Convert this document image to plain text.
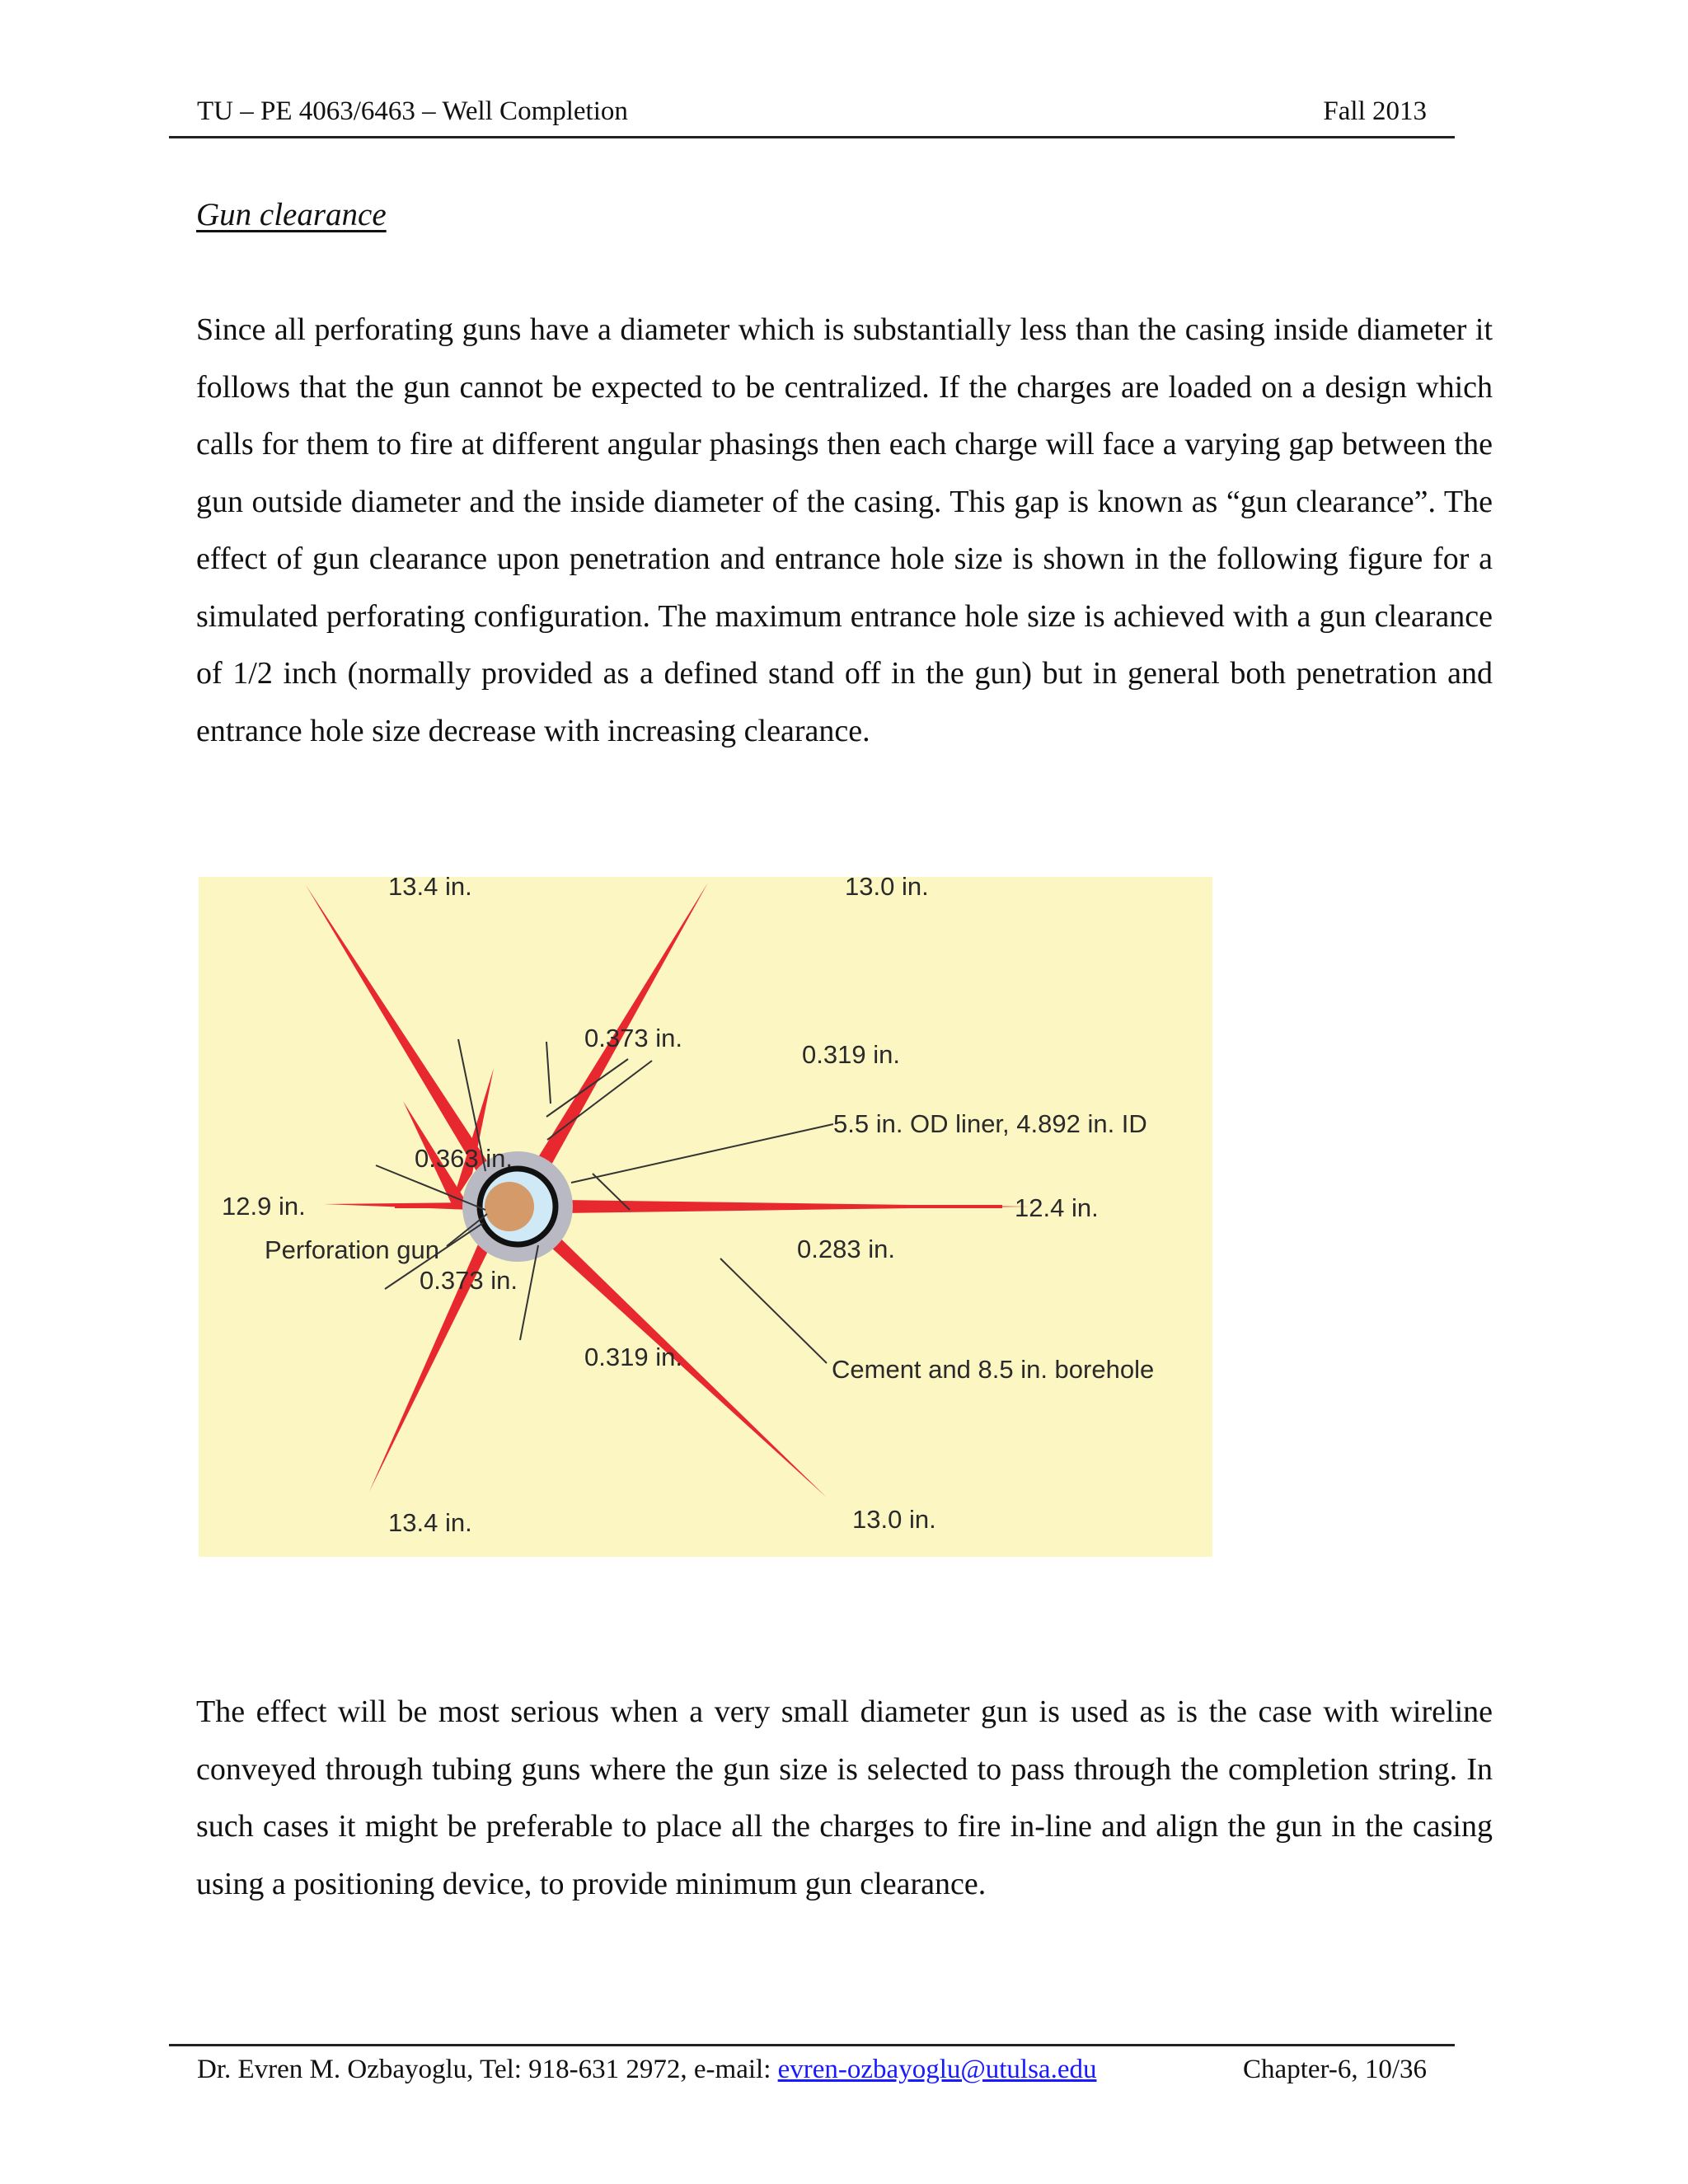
TU – PE 4063/6463 – Well Completion	Fall 2013
Gun clearance
Since all perforating guns have a diameter which is substantially less than the casing inside diameter it follows that the gun cannot be expected to be centralized. If the charges are loaded on a design which calls for them to fire at different angular phasings then each charge will face a varying gap between the gun outside diameter and the inside diameter of the casing. This gap is known as “gun clearance”. The effect of gun clearance upon penetration and entrance hole size is shown in the following figure for a simulated perforating configuration. The maximum entrance hole size is achieved with a gun clearance of 1/2 inch (normally provided as a defined stand off in the gun) but in general both penetration and entrance hole size decrease with increasing clearance.
13.4 in.	13.0 in.
12.9 in.	12.4 in.
13.4 in.	13.0 in.
0.373 in.
0.319 in.
0.363 in.
0.373 in.
0.283 in.
0.319 in.
5.5 in. OD liner, 4.892 in. ID
Perforation gun
Cement and 8.5 in. borehole
The effect will be most serious when a very small diameter gun is used as is the case with wireline conveyed through tubing guns where the gun size is selected to pass through the completion string. In such cases it might be preferable to place all the charges to fire in-line and align the gun in the casing using a positioning device, to provide minimum gun clearance.
Dr. Evren M. Ozbayoglu, Tel: 918-631 2972, e-mail: evren-ozbayoglu@utulsa.edu	Chapter-6, 10/36
